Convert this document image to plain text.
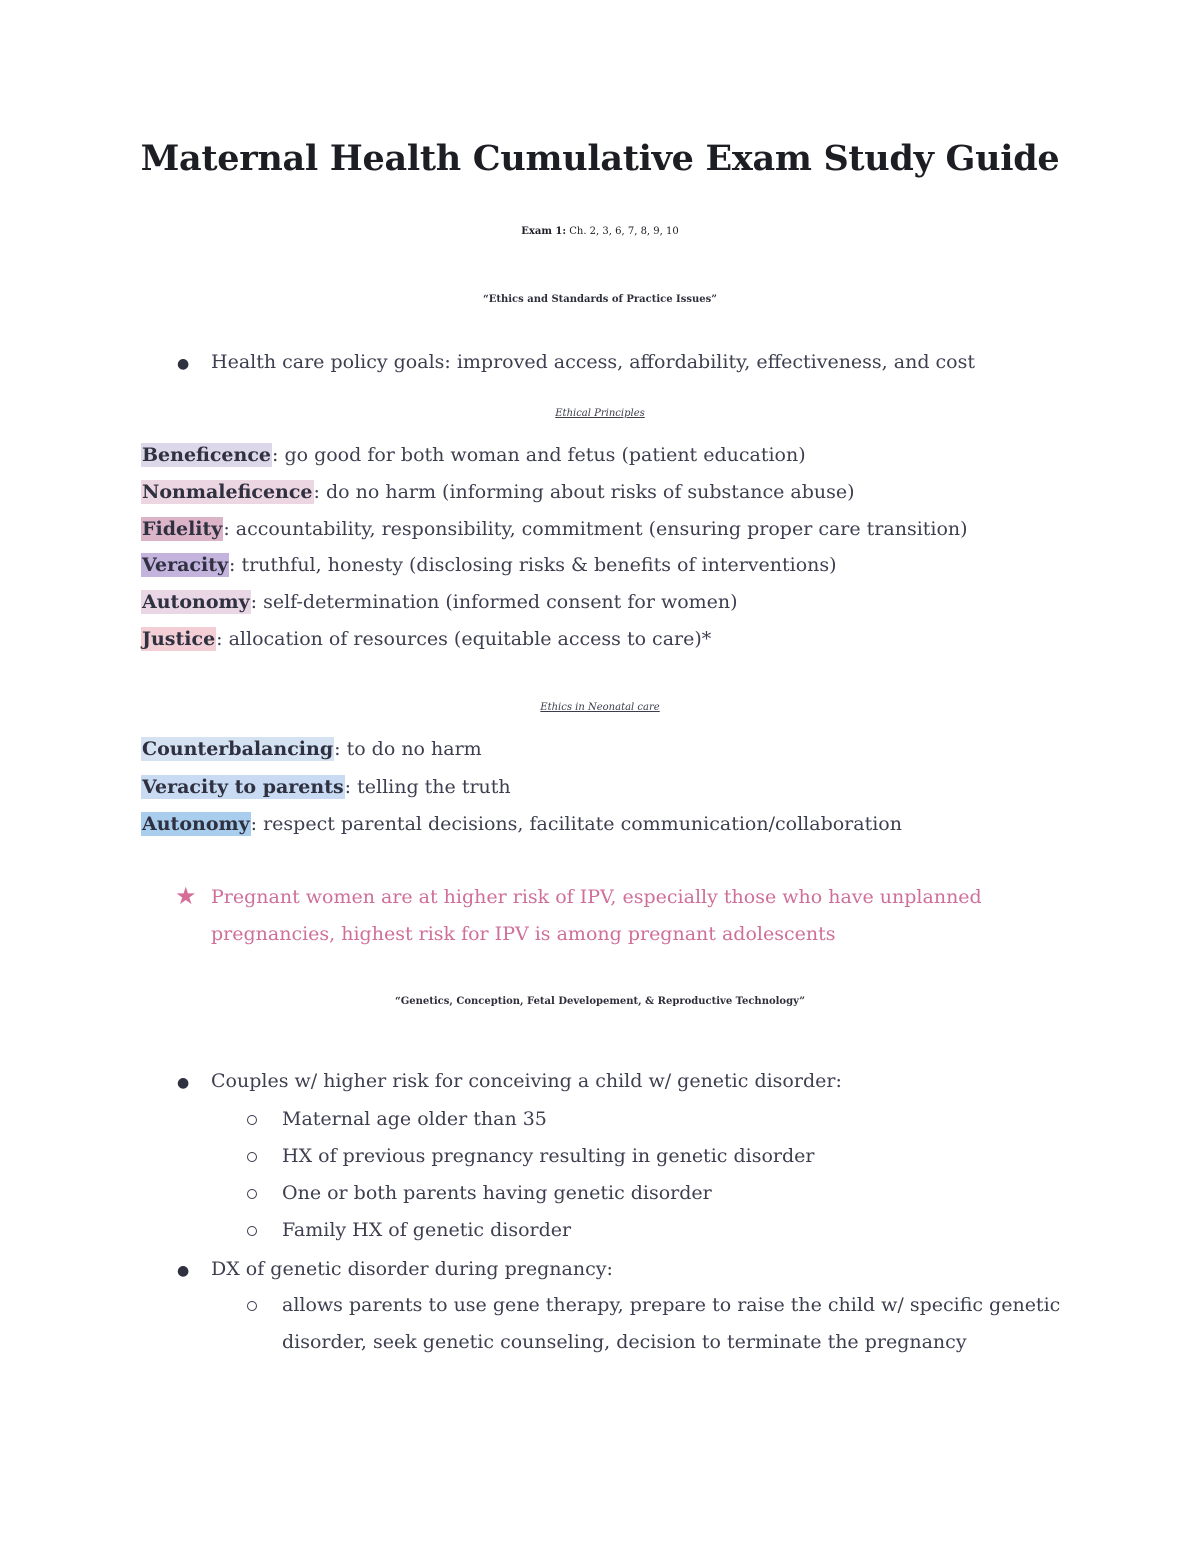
Maternal Health Cumulative Exam Study Guide
Exam 1: Ch. 2, 3, 6, 7, 8, 9, 10
“Ethics and Standards of Practice Issues”
● Health care policy goals: improved access, affordability, effectiveness, and cost
Ethical Principles
Beneficence: go good for both woman and fetus (patient education)
Nonmaleficence: do no harm (informing about risks of substance abuse)
Fidelity: accountability, responsibility, commitment (ensuring proper care transition)
Veracity: truthful, honesty (disclosing risks & benefits of interventions)
Autonomy: self-determination (informed consent for women)
Justice: allocation of resources (equitable access to care)*
Ethics in Neonatal care
Counterbalancing: to do no harm
Veracity to parents: telling the truth
Autonomy: respect parental decisions, facilitate communication/collaboration
★ Pregnant women are at higher risk of IPV, especially those who have unplanned
pregnancies, highest risk for IPV is among pregnant adolescents
“Genetics, Conception, Fetal Developement, & Reproductive Technology”
● Couples w/ higher risk for conceiving a child w/ genetic disorder:
Maternal age older than 35
HX of previous pregnancy resulting in genetic disorder
One or both parents having genetic disorder
Family HX of genetic disorder
● DX of genetic disorder during pregnancy:
allows parents to use gene therapy, prepare to raise the child w/ specific genetic
disorder, seek genetic counseling, decision to terminate the pregnancy
